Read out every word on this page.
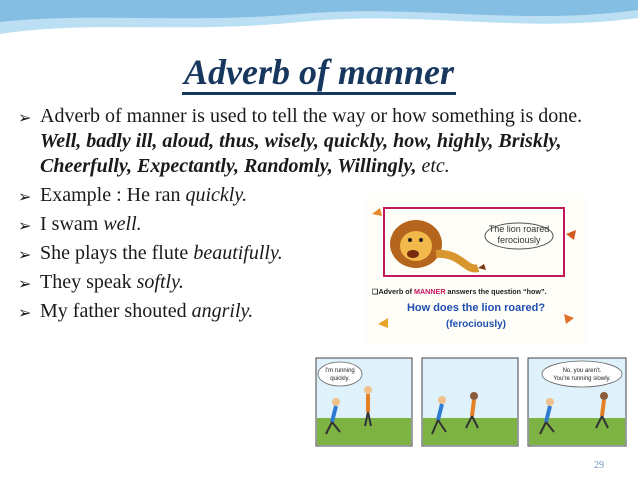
Adverb of manner
➢ Adverb of manner is used to tell the way or how something is done. Well, badly ill, aloud, thus, wisely, quickly, how, highly, Briskly, Cheerfully, Expectantly, Randomly, Willingly, etc.
➢ Example : He ran quickly.
➢ I swam well.
➢ She plays the flute beautifully.
➢ They speak softly.
➢ My father shouted angrily.
The lion roared
ferociously
❑Adverb of MANNER answers the question “how”.
How does the lion roared?
(ferociously)
I'm running
quickly.
No, you aren't.
You're running slowly.
29
